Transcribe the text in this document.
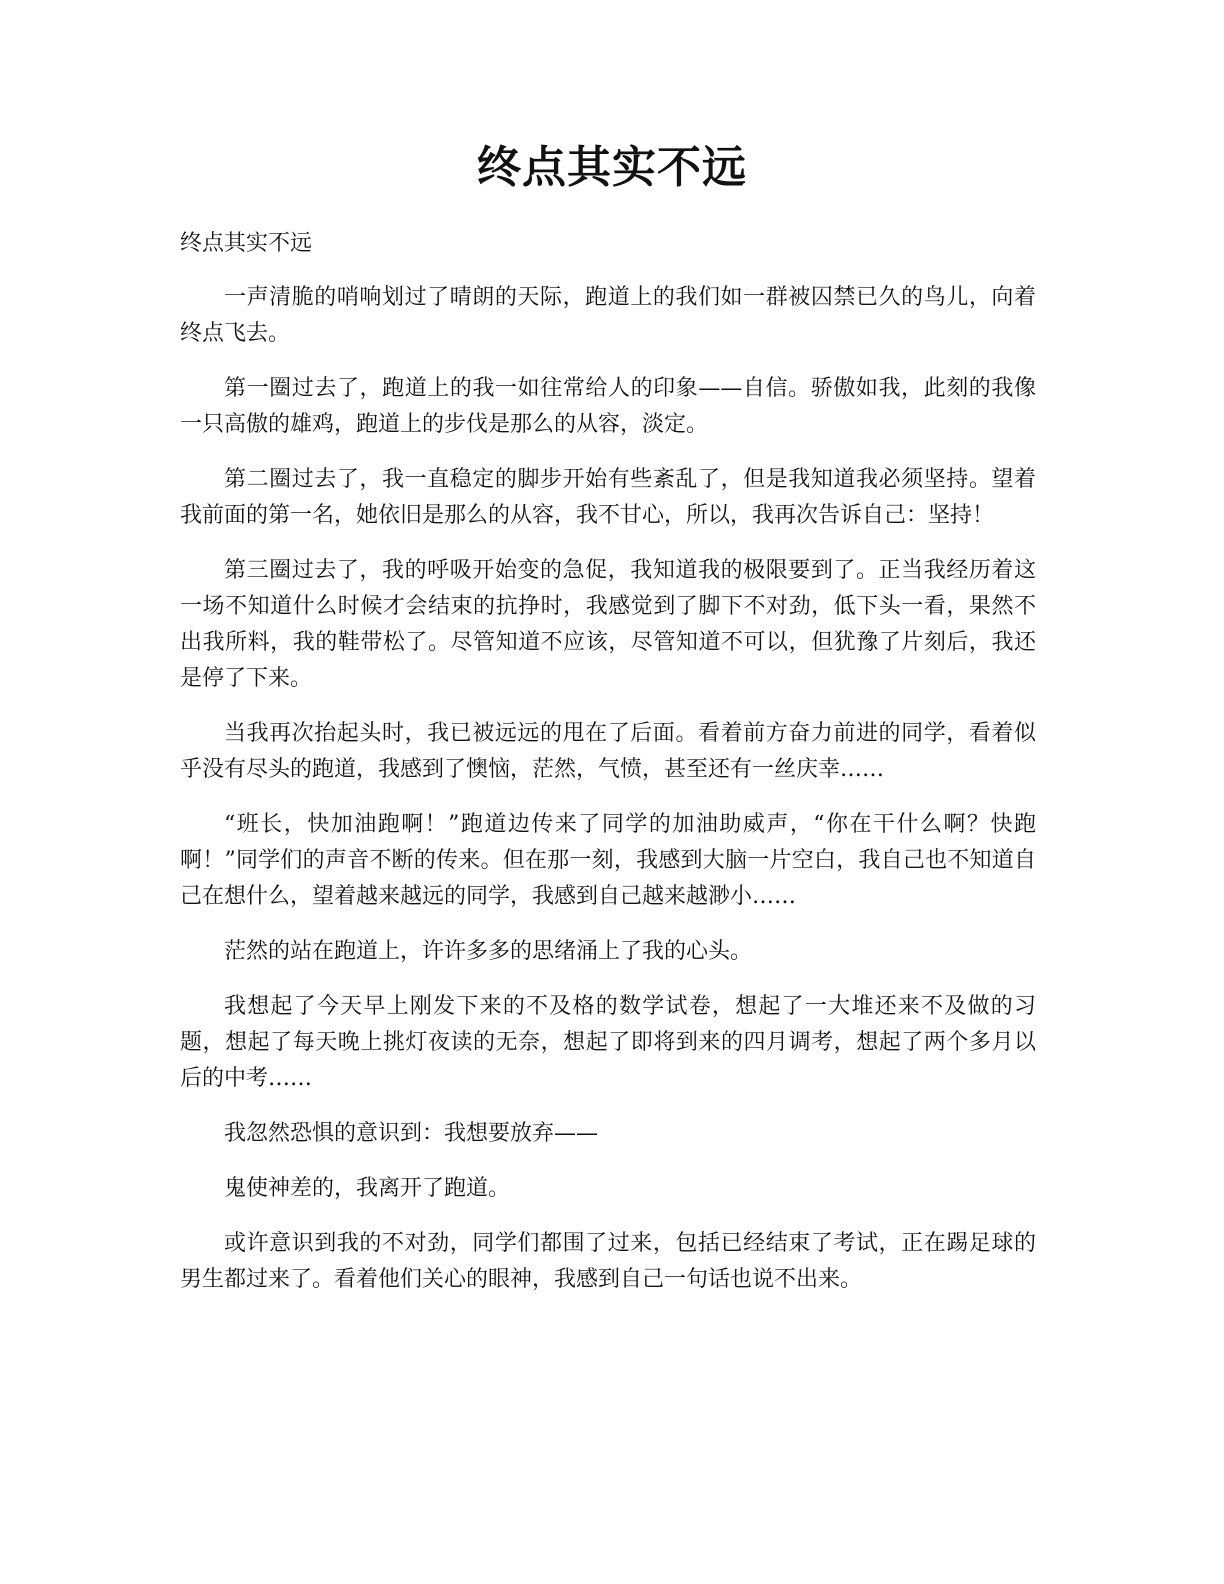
终点其实不远

终点其实不远

一声清脆的哨响划过了晴朗的天际，跑道上的我们如一群被囚禁已久的鸟儿，向着终点飞去。

第一圈过去了，跑道上的我一如往常给人的印象——自信。骄傲如我，此刻的我像一只高傲的雄鸡，跑道上的步伐是那么的从容，淡定。

第二圈过去了，我一直稳定的脚步开始有些紊乱了，但是我知道我必须坚持。望着我前面的第一名，她依旧是那么的从容，我不甘心，所以，我再次告诉自己：坚持！

第三圈过去了，我的呼吸开始变的急促，我知道我的极限要到了。正当我经历着这一场不知道什么时候才会结束的抗挣时，我感觉到了脚下不对劲，低下头一看，果然不出我所料，我的鞋带松了。尽管知道不应该，尽管知道不可以，但犹豫了片刻后，我还是停了下来。

当我再次抬起头时，我已被远远的甩在了后面。看着前方奋力前进的同学，看着似乎没有尽头的跑道，我感到了懊恼，茫然，气愤，甚至还有一丝庆幸……

“班长，快加油跑啊！”跑道边传来了同学的加油助威声，“你在干什么啊？快跑啊！”同学们的声音不断的传来。但在那一刻，我感到大脑一片空白，我自己也不知道自己在想什么，望着越来越远的同学，我感到自己越来越渺小……

茫然的站在跑道上，许许多多的思绪涌上了我的心头。

我想起了今天早上刚发下来的不及格的数学试卷，想起了一大堆还来不及做的习题，想起了每天晚上挑灯夜读的无奈，想起了即将到来的四月调考，想起了两个多月以后的中考……

我忽然恐惧的意识到：我想要放弃——

鬼使神差的，我离开了跑道。

或许意识到我的不对劲，同学们都围了过来，包括已经结束了考试，正在踢足球的男生都过来了。看着他们关心的眼神，我感到自己一句话也说不出来。
